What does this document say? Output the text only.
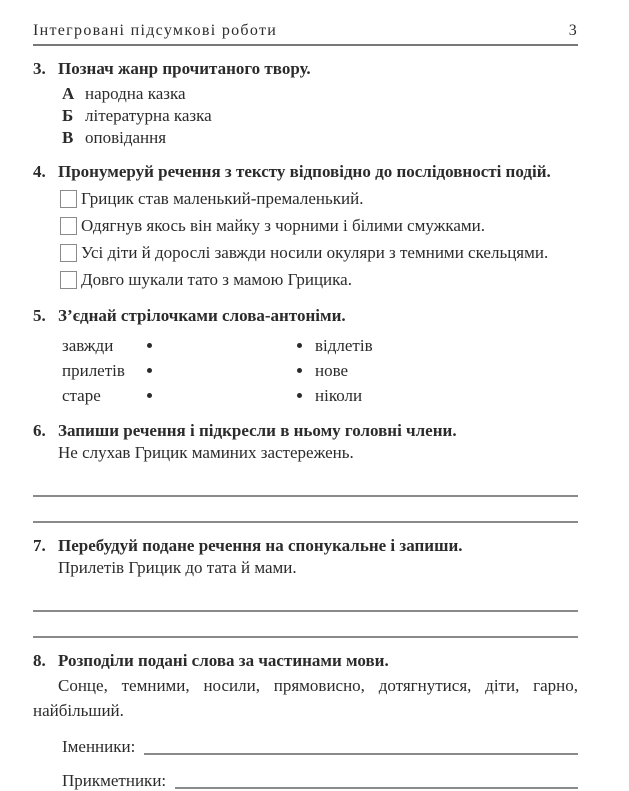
Інтегровані підсумкові роботи	3
3. Познач жанр прочитаного твору.
А народна казка
Б літературна казка
В оповідання
4. Пронумеруй речення з тексту відповідно до послідовності подій.
Грицик став маленький-премаленький.
Одягнув якось він майку з чорними і білими смужками.
Усі діти й дорослі завжди носили окуляри з темними скельцями.
Довго шукали тато з мамою Грицика.
5. З’єднай стрілочками слова-антоніми.
завжди	відлетів
прилетів	нове
старе	ніколи
6. Запиши речення і підкресли в ньому головні члени.
Не слухав Грицик маминих застережень.
7. Перебудуй подане речення на спонукальне і запиши.
Прилетів Грицик до тата й мами.
8. Розподіли подані слова за частинами мови.
Сонце, темними, носили, прямовисно, дотягнутися, діти, гарно, найбільший.
Іменники:
Прикметники:
